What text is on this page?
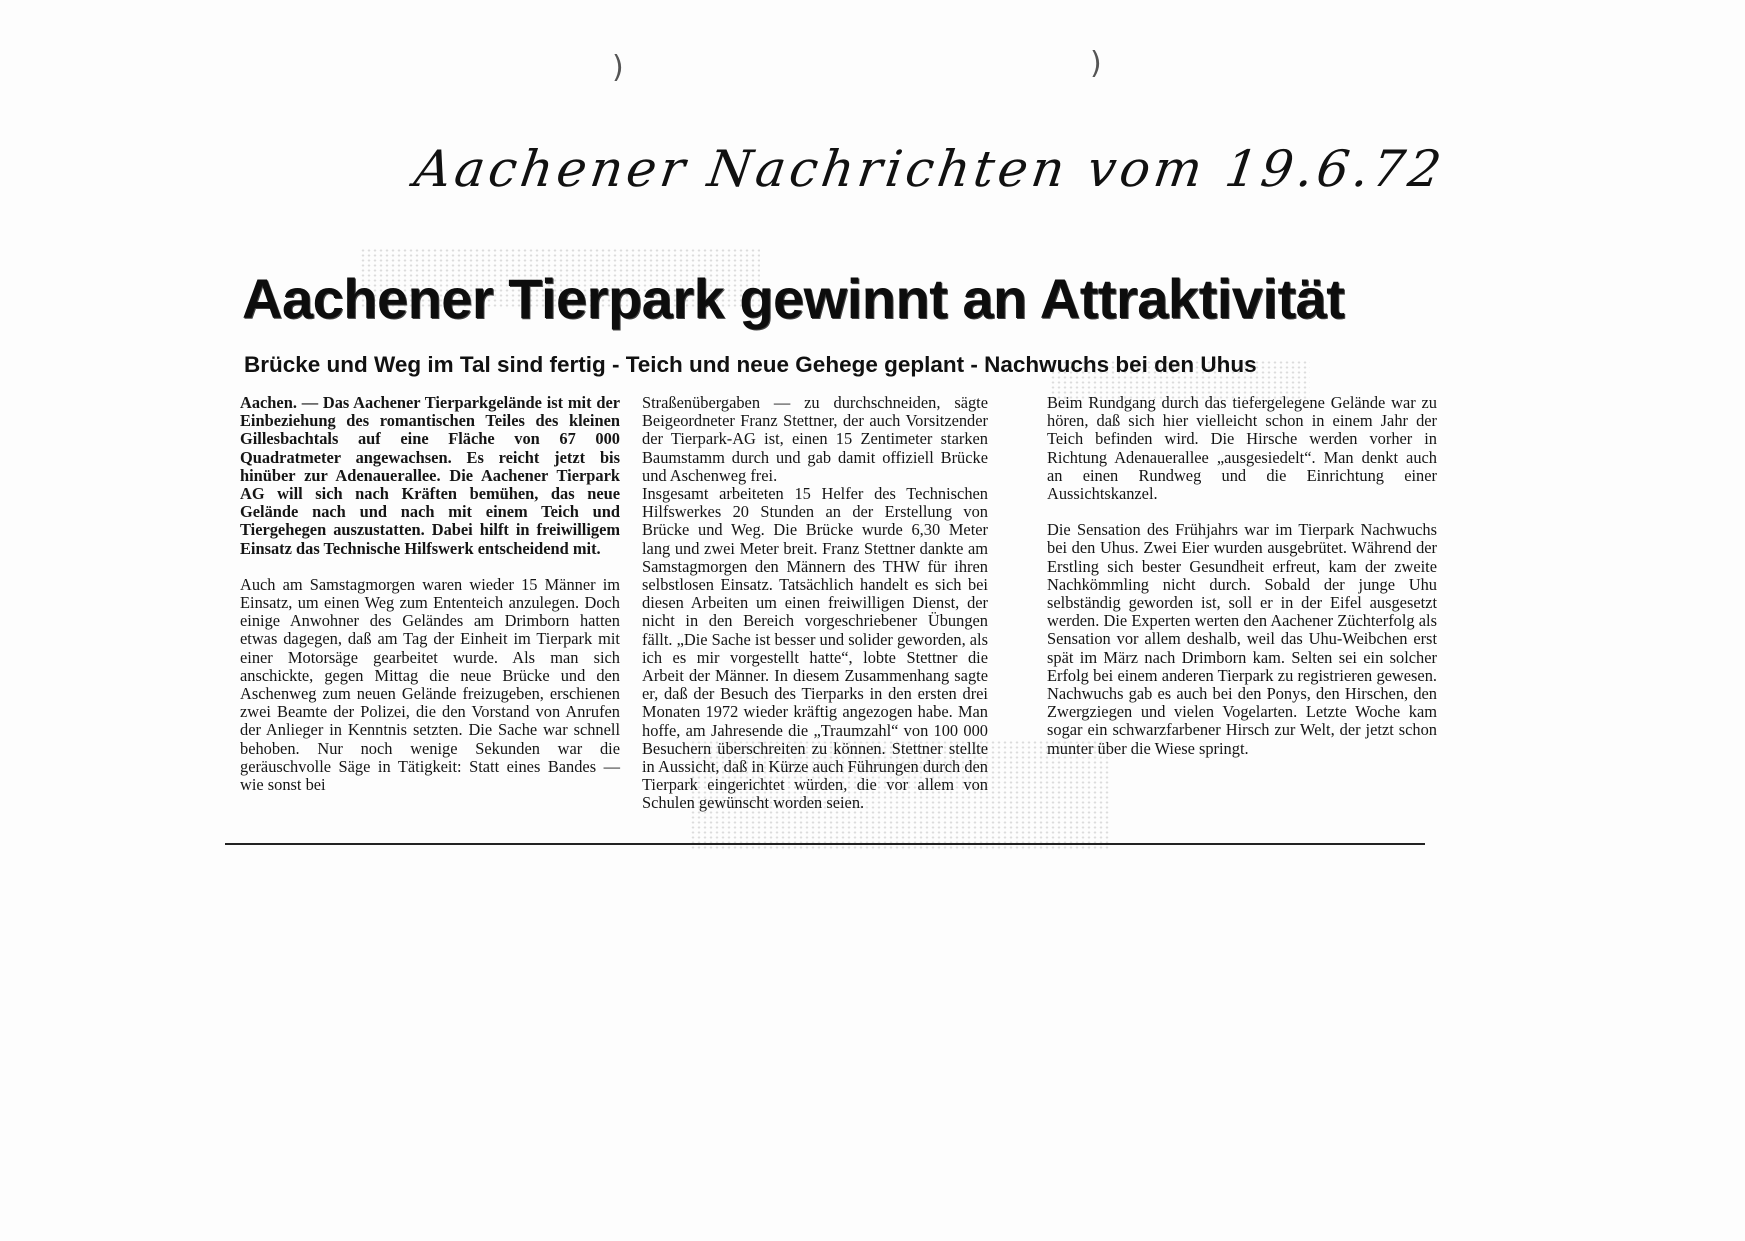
)	)
Aachener Nachrichten vom 19.6.72
Aachener Tierpark gewinnt an Attraktivität
Brücke und Weg im Tal sind fertig - Teich und neue Gehege geplant - Nachwuchs bei den Uhus

Aachen. — Das Aachener Tierparkgelände ist mit der Einbeziehung des romantischen Teiles des kleinen Gillesbachtals auf eine Fläche von 67 000 Quadratmeter angewachsen. Es reicht jetzt bis hinüber zur Adenauerallee. Die Aachener Tierpark AG will sich nach Kräften bemühen, das neue Gelände nach und nach mit einem Teich und Tiergehegen auszustatten. Dabei hilft in freiwilligem Einsatz das Technische Hilfswerk entscheidend mit.

Auch am Samstagmorgen waren wieder 15 Männer im Einsatz, um einen Weg zum Ententeich anzulegen. Doch einige Anwohner des Geländes am Drimborn hatten etwas dagegen, daß am Tag der Einheit im Tierpark mit einer Motorsäge gearbeitet wurde. Als man sich anschickte, gegen Mittag die neue Brücke und den Aschenweg zum neuen Gelände freizugeben, erschienen zwei Beamte der Polizei, die den Vorstand von Anrufen der Anlieger in Kenntnis setzten. Die Sache war schnell behoben. Nur noch wenige Sekunden war die geräuschvolle Säge in Tätigkeit: Statt eines Bandes — wie sonst bei

Straßenübergaben — zu durchschneiden, sägte Beigeordneter Franz Stettner, der auch Vorsitzender der Tierpark-AG ist, einen 15 Zentimeter starken Baumstamm durch und gab damit offiziell Brücke und Aschenweg frei.

Insgesamt arbeiteten 15 Helfer des Technischen Hilfswerkes 20 Stunden an der Erstellung von Brücke und Weg. Die Brücke wurde 6,30 Meter lang und zwei Meter breit. Franz Stettner dankte am Samstagmorgen den Männern des THW für ihren selbstlosen Einsatz. Tatsächlich handelt es sich bei diesen Arbeiten um einen freiwilligen Dienst, der nicht in den Bereich vorgeschriebener Übungen fällt. „Die Sache ist besser und solider geworden, als ich es mir vorgestellt hatte“, lobte Stettner die Arbeit der Männer. In diesem Zusammenhang sagte er, daß der Besuch des Tierparks in den ersten drei Monaten 1972 wieder kräftig angezogen habe. Man hoffe, am Jahresende die „Traumzahl“ von 100 000 Besuchern überschreiten zu können. Stettner stellte in Aussicht, daß in Kürze auch Führungen durch den Tierpark eingerichtet würden, die vor allem von Schulen gewünscht worden seien.

Beim Rundgang durch das tiefergelegene Gelände war zu hören, daß sich hier vielleicht schon in einem Jahr der Teich befinden wird. Die Hirsche werden vorher in Richtung Adenauerallee „ausgesiedelt“. Man denkt auch an einen Rundweg und die Einrichtung einer Aussichtskanzel.

Die Sensation des Frühjahrs war im Tierpark Nachwuchs bei den Uhus. Zwei Eier wurden ausgebrütet. Während der Erstling sich bester Gesundheit erfreut, kam der zweite Nachkömmling nicht durch. Sobald der junge Uhu selbständig geworden ist, soll er in der Eifel ausgesetzt werden. Die Experten werten den Aachener Züchterfolg als Sensation vor allem deshalb, weil das Uhu-Weibchen erst spät im März nach Drimborn kam. Selten sei ein solcher Erfolg bei einem anderen Tierpark zu registrieren gewesen. Nachwuchs gab es auch bei den Ponys, den Hirschen, den Zwergziegen und vielen Vogelarten. Letzte Woche kam sogar ein schwarzfarbener Hirsch zur Welt, der jetzt schon munter über die Wiese springt.
